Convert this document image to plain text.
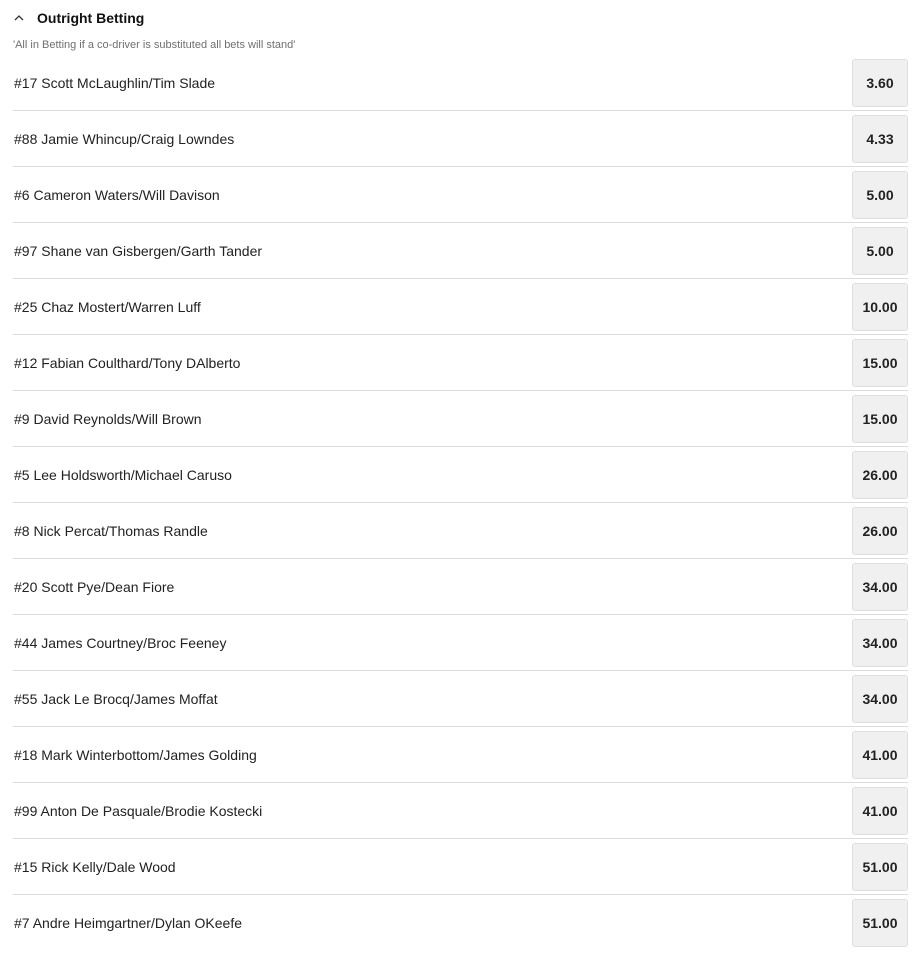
Outright Betting
'All in Betting if a co-driver is substituted all bets will stand'
#17 Scott McLaughlin/Tim Slade	3.60
#88 Jamie Whincup/Craig Lowndes	4.33
#6 Cameron Waters/Will Davison	5.00
#97 Shane van Gisbergen/Garth Tander	5.00
#25 Chaz Mostert/Warren Luff	10.00
#12 Fabian Coulthard/Tony DAlberto	15.00
#9 David Reynolds/Will Brown	15.00
#5 Lee Holdsworth/Michael Caruso	26.00
#8 Nick Percat/Thomas Randle	26.00
#20 Scott Pye/Dean Fiore	34.00
#44 James Courtney/Broc Feeney	34.00
#55 Jack Le Brocq/James Moffat	34.00
#18 Mark Winterbottom/James Golding	41.00
#99 Anton De Pasquale/Brodie Kostecki	41.00
#15 Rick Kelly/Dale Wood	51.00
#7 Andre Heimgartner/Dylan OKeefe	51.00
